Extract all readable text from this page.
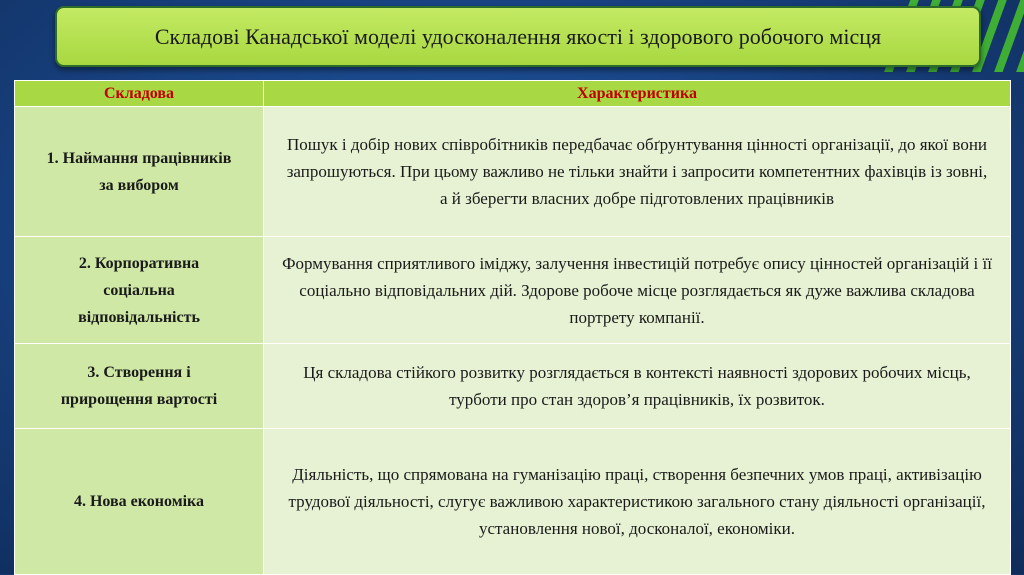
Складові Канадської моделі удосконалення якості і здорового робочого місця
Складова	Характеристика

1. Наймання працівників за вибором	Пошук і добір нових співробітників передбачає обґрунтування цінності організації, до якої вони запрошуються. При цьому важливо не тільки знайти і запросити компетентних фахівців із зовні, а й зберегти власних добре підготовлених працівників

2. Корпоративна соціальна відповідальність	Формування сприятливого іміджу, залучення інвестицій потребує опису цінностей організацій і її соціально відповідальних дій. Здорове робоче місце розглядається як дуже важлива складова портрету компанії.

3. Створення і прирощення вартості	Ця складова стійкого розвитку розглядається в контексті наявності здорових робочих місць, турботи про стан здоров’я працівників, їх розвиток.

4. Нова економіка	Діяльність, що спрямована на гуманізацію праці, створення безпечних умов праці, активізацію трудової діяльності, слугує важливою характеристикою загального стану діяльності організації, установлення нової, досконалої, економіки.
